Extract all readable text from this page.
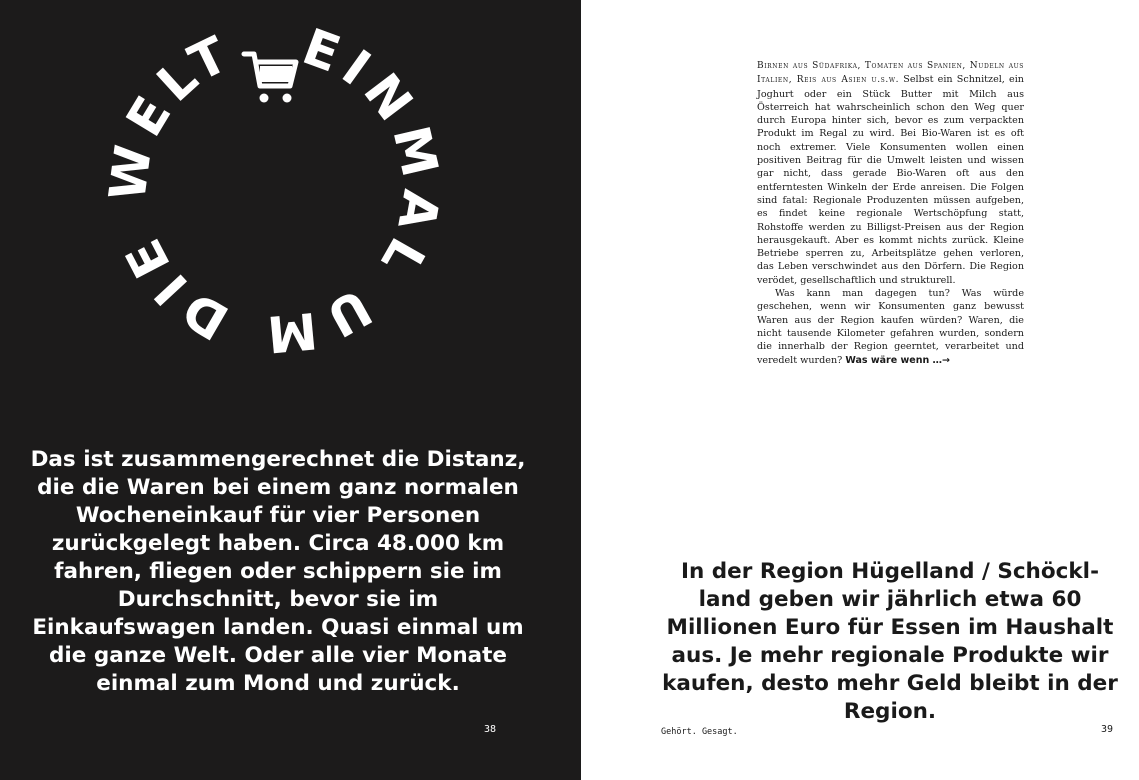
EINMAL UM DIE WELT
Das ist zusammengerechnet die Distanz, die die Waren bei einem ganz normalen Wocheneinkauf für vier Personen zurückgelegt haben. Circa 48.000 km fahren, fliegen oder schippern sie im Durchschnitt, bevor sie im Einkaufswagen landen. Quasi einmal um die ganze Welt. Oder alle vier Monate einmal zum Mond und zurück.
38

Birnen aus Südafrika, Tomaten aus Spanien, Nudeln aus Italien, Reis aus Asien u.s.w. Selbst ein Schnitzel, ein Joghurt oder ein Stück Butter mit Milch aus Österreich hat wahrscheinlich schon den Weg quer durch Europa hinter sich, bevor es zum verpackten Produkt im Regal zu wird. Bei Bio-Waren ist es oft noch extremer. Viele Konsumenten wollen einen positiven Beitrag für die Umwelt leisten und wissen gar nicht, dass gerade Bio-Waren oft aus den entferntesten Winkeln der Erde anreisen. Die Folgen sind fatal: Regionale Produzenten müssen aufgeben, es findet keine regionale Wertschöpfung statt, Rohstoffe werden zu Billigst-Preisen aus der Region herausgekauft. Aber es kommt nichts zurück. Kleine Betriebe sperren zu, Arbeitsplätze gehen verloren, das Leben verschwindet aus den Dörfern. Die Region verödet, gesellschaftlich und strukturell.

Was kann man dagegen tun? Was würde geschehen, wenn wir Konsumenten ganz bewusst Waren aus der Region kaufen würden? Waren, die nicht tausende Kilometer gefahren wurden, sondern die innerhalb der Region geerntet, verarbeitet und veredelt wurden? Was wäre wenn …→

In der Region Hügelland / Schöcklland geben wir jährlich etwa 60 Millionen Euro für Essen im Haushalt aus. Je mehr regionale Produkte wir kaufen, desto mehr Geld bleibt in der Region.
Gehört. Gesagt.	39
